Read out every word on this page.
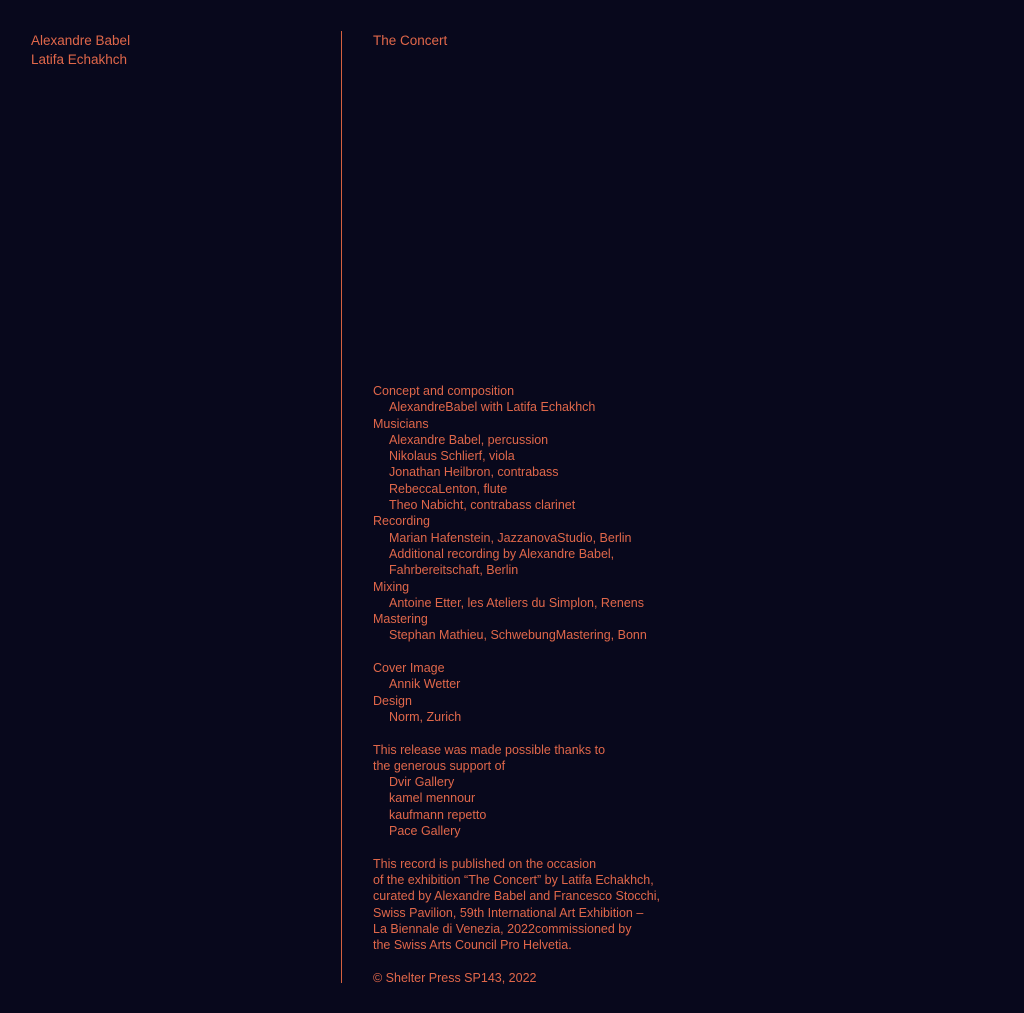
Alexandre Babel
Latifa Echakhch
The Concert
Concept and composition
AlexandreBabel with Latifa Echakhch
Musicians
Alexandre Babel, percussion
Nikolaus Schlierf, viola
Jonathan Heilbron, contrabass
RebeccaLenton, flute
Theo Nabicht, contrabass clarinet
Recording
Marian Hafenstein, JazzanovaStudio, Berlin
Additional recording by Alexandre Babel,
Fahrbereitschaft, Berlin
Mixing
Antoine Etter, les Ateliers du Simplon, Renens
Mastering
Stephan Mathieu, SchwebungMastering, Bonn
Cover Image
Annik Wetter
Design
Norm, Zurich
This release was made possible thanks to
the generous support of
Dvir Gallery
kamel mennour
kaufmann repetto
Pace Gallery
This record is published on the occasion
of the exhibition “The Concert” by Latifa Echakhch,
curated by Alexandre Babel and Francesco Stocchi,
Swiss Pavilion, 59th International Art Exhibition –
La Biennale di Venezia, 2022commissioned by
the Swiss Arts Council Pro Helvetia.
© Shelter Press SP143, 2022
